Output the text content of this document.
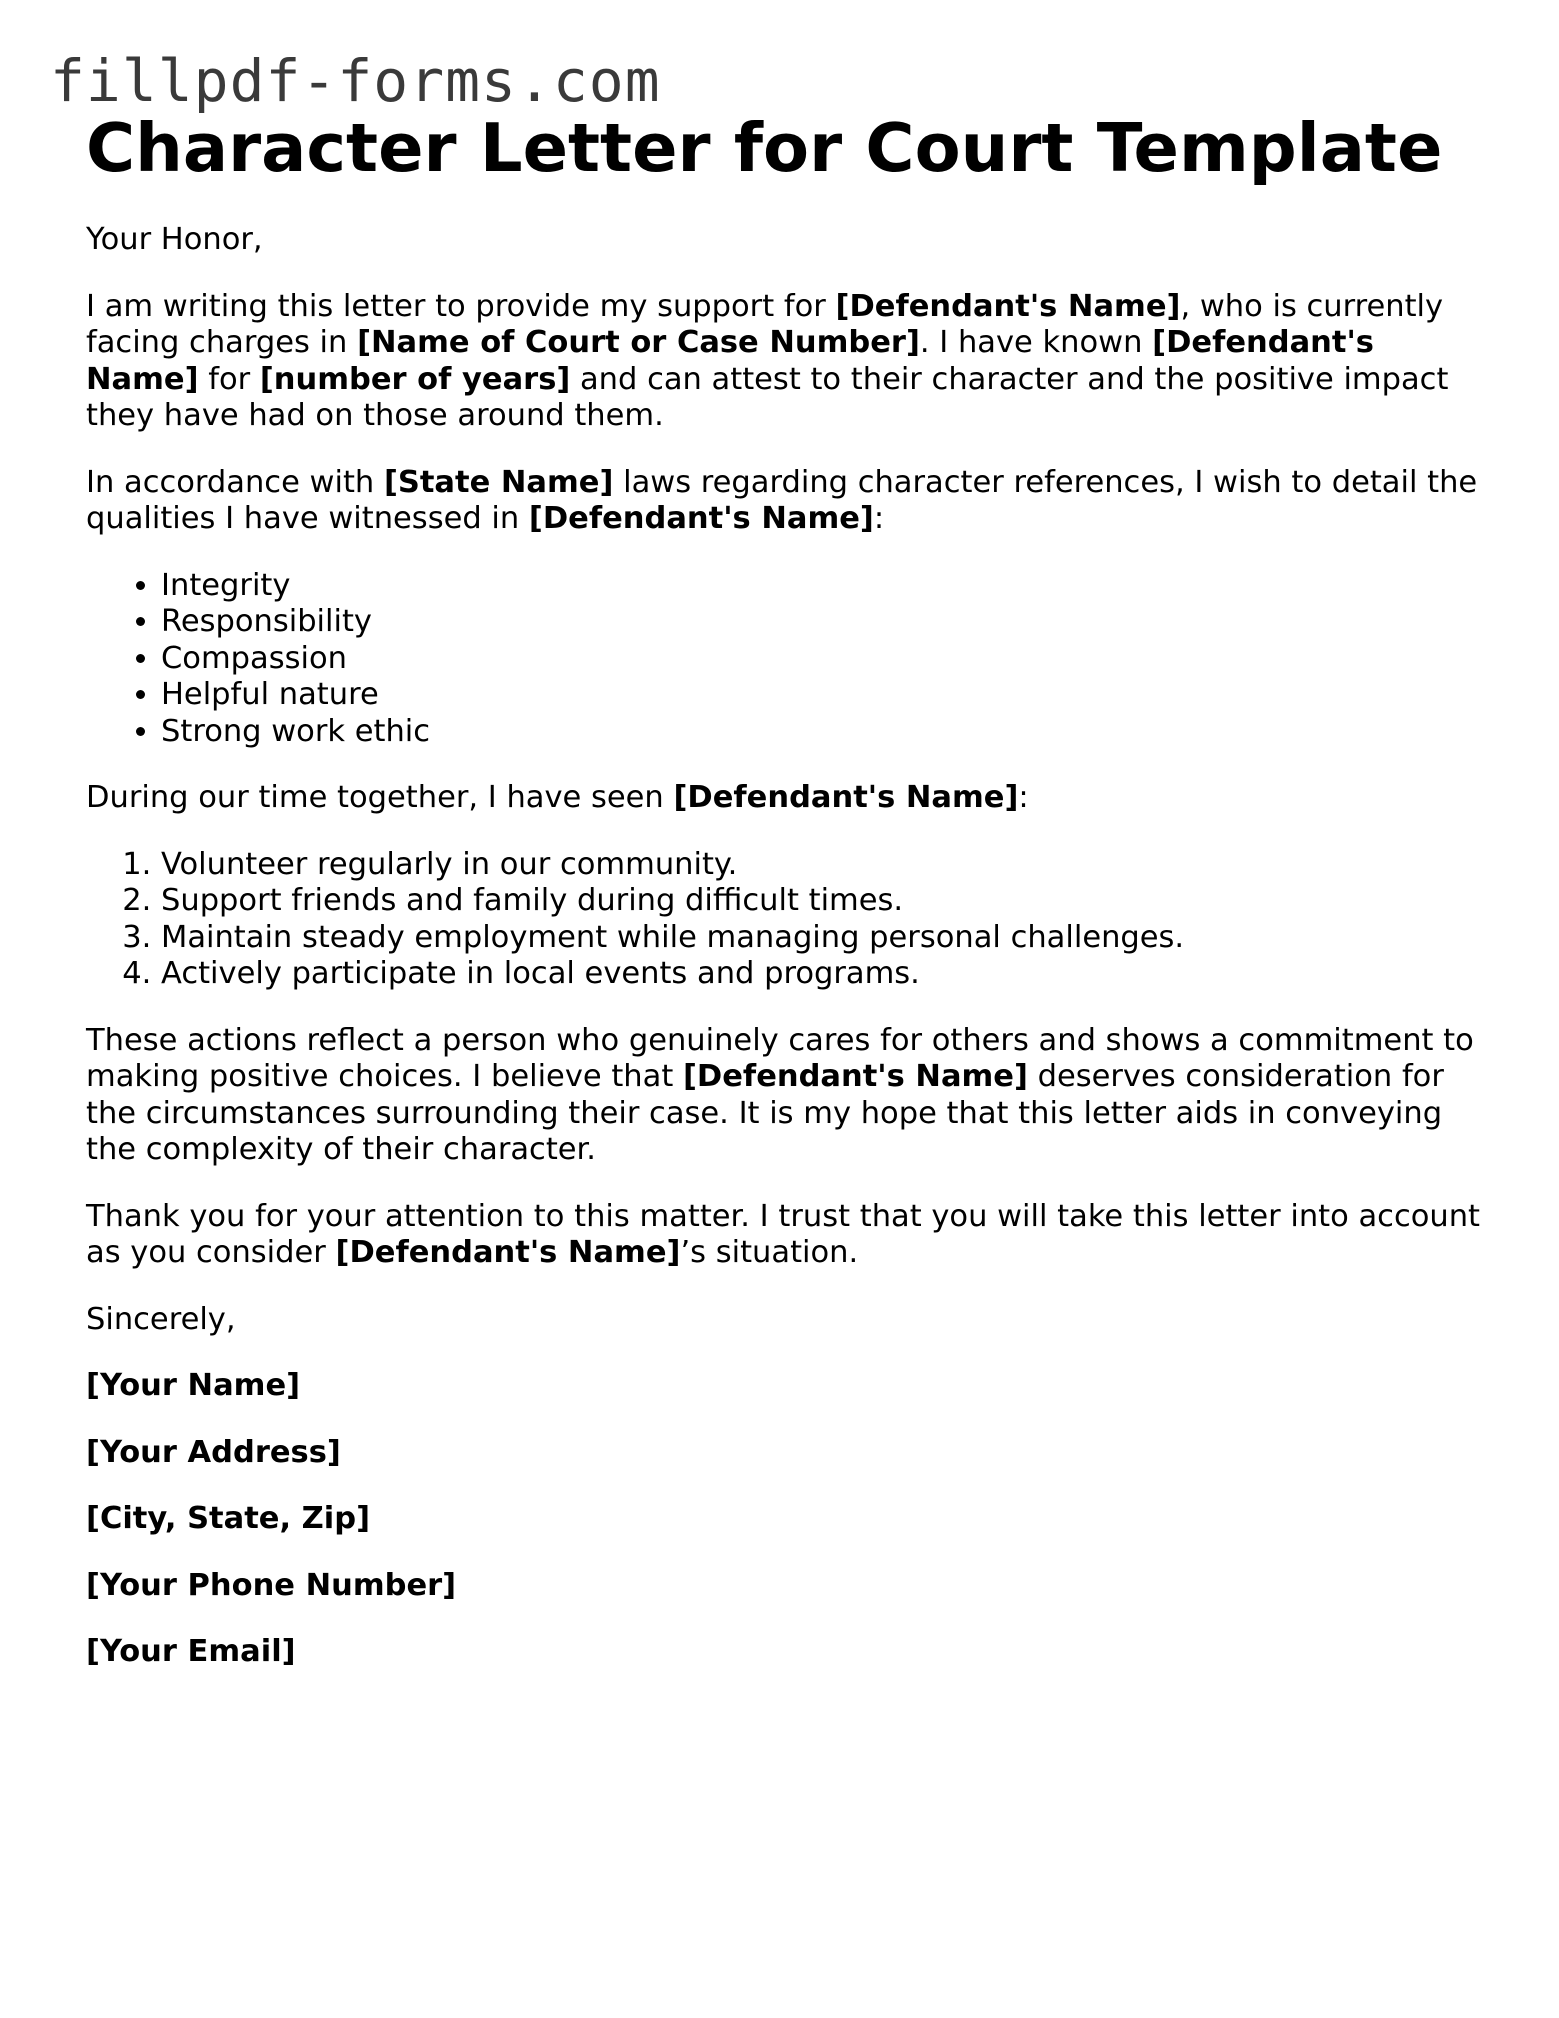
fillpdf-forms.com
Character Letter for Court Template

Your Honor,

I am writing this letter to provide my support for [Defendant's Name], who is currently facing charges in [Name of Court or Case Number]. I have known [Defendant's Name] for [number of years] and can attest to their character and the positive impact they have had on those around them.

In accordance with [State Name] laws regarding character references, I wish to detail the qualities I have witnessed in [Defendant's Name]:

• Integrity
• Responsibility
• Compassion
• Helpful nature
• Strong work ethic

During our time together, I have seen [Defendant's Name]:

1. Volunteer regularly in our community.
2. Support friends and family during difficult times.
3. Maintain steady employment while managing personal challenges.
4. Actively participate in local events and programs.

These actions reflect a person who genuinely cares for others and shows a commitment to making positive choices. I believe that [Defendant's Name] deserves consideration for the circumstances surrounding their case. It is my hope that this letter aids in conveying the complexity of their character.

Thank you for your attention to this matter. I trust that you will take this letter into account as you consider [Defendant's Name]’s situation.

Sincerely,

[Your Name]

[Your Address]

[City, State, Zip]

[Your Phone Number]

[Your Email]
